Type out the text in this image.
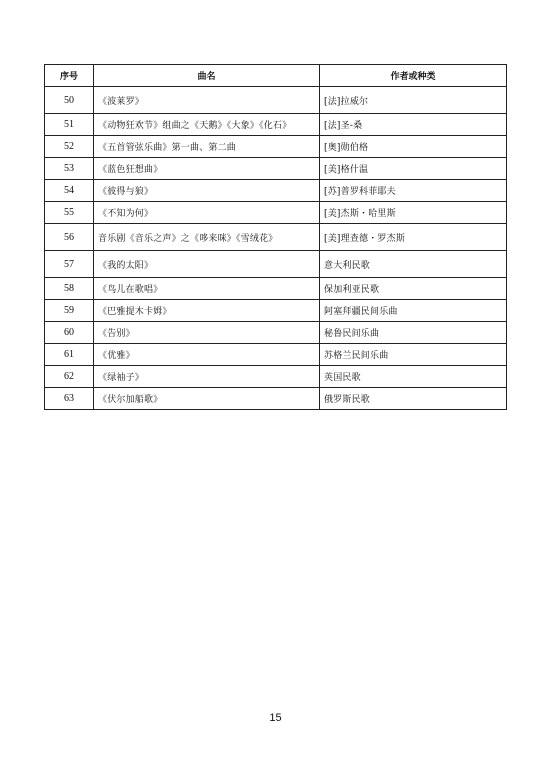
序号	曲名	作者或种类
50	《波莱罗》	[法]拉威尔
51	《动物狂欢节》组曲之《天鹅》《大象》《化石》	[法]圣-桑
52	《五首管弦乐曲》第一曲、第二曲	[奥]勋伯格
53	《蓝色狂想曲》	[美]格什温
54	《彼得与狼》	[苏]普罗科菲耶夫
55	《不知为何》	[美]杰斯・哈里斯
56	音乐剧《音乐之声》之《哆来咪》《雪绒花》	[美]理查德・罗杰斯
57	《我的太阳》	意大利民歌
58	《鸟儿在歌唱》	保加利亚民歌
59	《巴雅提木卡姆》	阿塞拜疆民间乐曲
60	《告别》	秘鲁民间乐曲
61	《优雅》	苏格兰民间乐曲
62	《绿袖子》	英国民歌
63	《伏尔加船歌》	俄罗斯民歌
15
